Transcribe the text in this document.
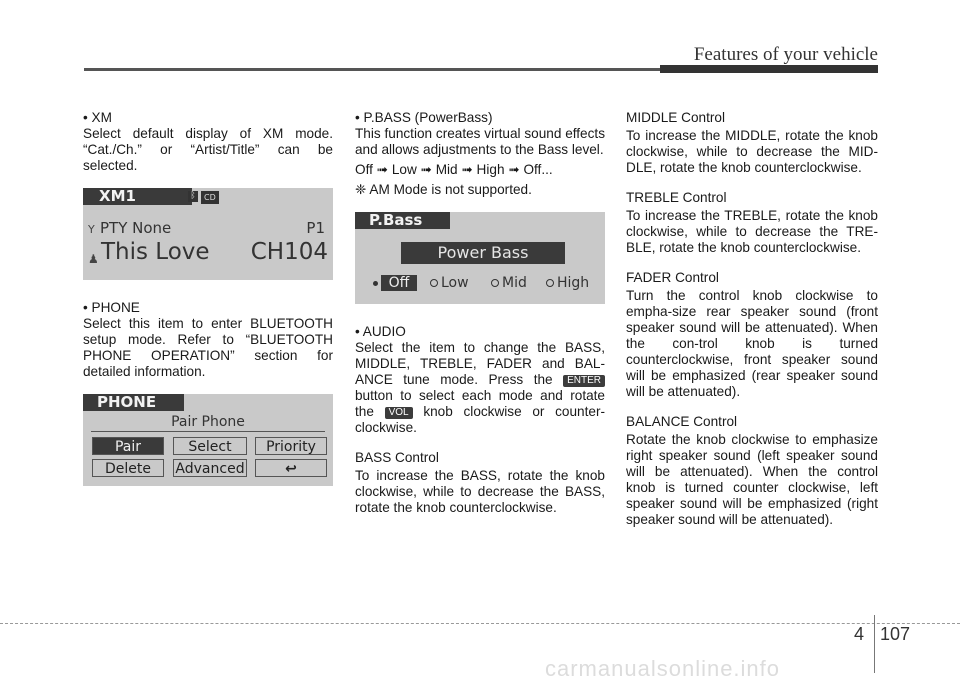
Features of your vehicle

• XM

Select default display of XM mode. “Cat./Ch.” or “Artist/Title” can be selected.

XM1	ᛒ	CD
Y PTY None	P1
♟ This Love CH104

• PHONE

Select this item to enter BLUETOOTH setup mode. Refer to “BLUETOOTH PHONE OPERATION” section for detailed information.

PHONE
Pair Phone
Pair	Select	Priority
Delete	Advanced	↩

• P.BASS (PowerBass)

This function creates virtual sound effects and allows adjustments to the Bass level.

Off ➟ Low ➟ Mid ➟ High ➟ Off...

❈ AM Mode is not supported.

P.Bass
Power Bass
Off	Low Mid High

• AUDIO

Select the item to change the BASS, MIDDLE, TREBLE, FADER and BAL-ANCE tune mode. Press the ENTER button to select each mode and rotate the VOL knob clockwise or counter-clockwise.

BASS Control

To increase the BASS, rotate the knob clockwise, while to decrease the BASS, rotate the knob counterclockwise.

MIDDLE Control

To increase the MIDDLE, rotate the knob clockwise, while to decrease the MID-DLE, rotate the knob counterclockwise.

TREBLE Control

To increase the TREBLE, rotate the knob clockwise, while to decrease the TRE-BLE, rotate the knob counterclockwise.

FADER Control

Turn the control knob clockwise to empha-size rear speaker sound (front speaker sound will be attenuated). When the con-trol knob is turned counterclockwise, front speaker sound will be emphasized (rear speaker sound will be attenuated).

BALANCE Control

Rotate the knob clockwise to emphasize right speaker sound (left speaker sound will be attenuated). When the control knob is turned counter clockwise, left speaker sound will be emphasized (right speaker sound will be attenuated).

4 107
carmanualsonline.info
